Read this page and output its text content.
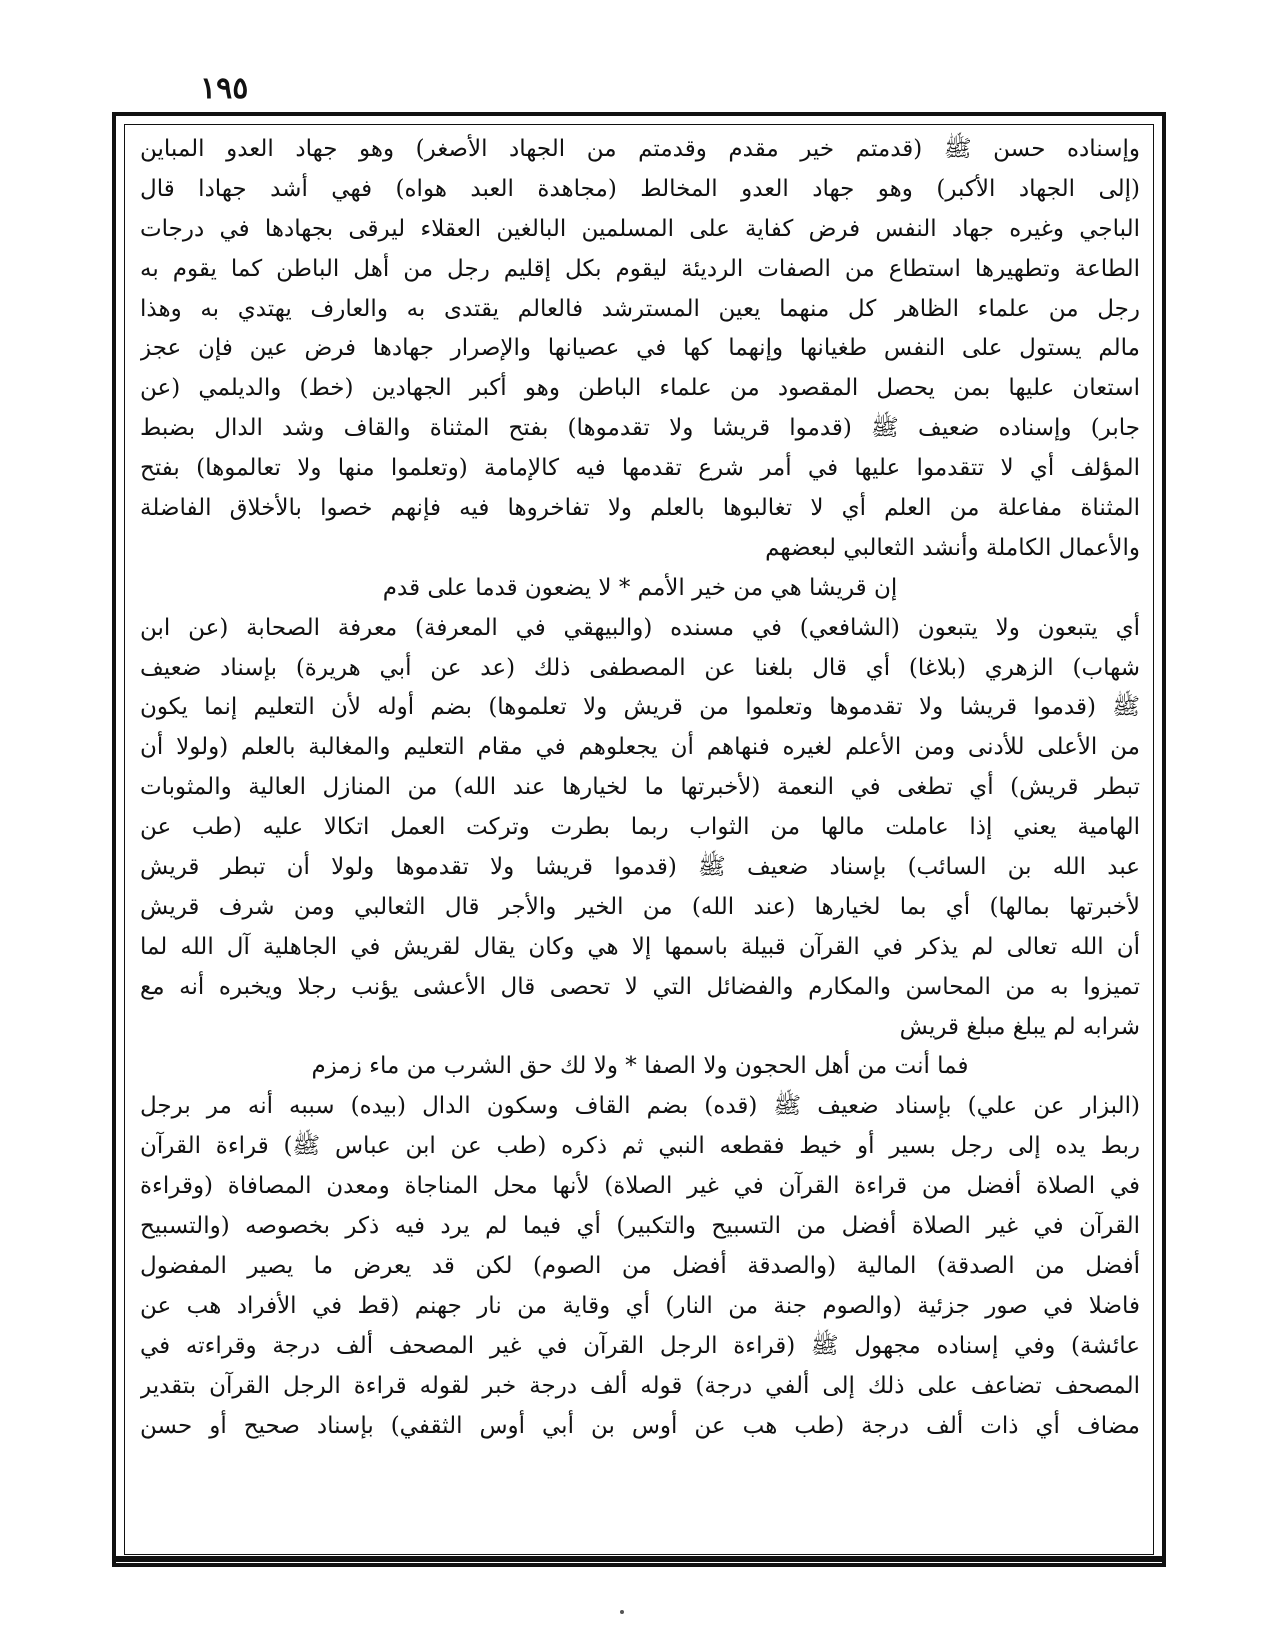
١٩٥
وإسناده حسن ﷺ (قدمتم خير مقدم وقدمتم من الجهاد الأصغر) وهو جهاد العدو المباين
(إلى الجهاد الأكبر) وهو جهاد العدو المخالط (مجاهدة العبد هواه) فهي أشد جهادا قال
الباجي وغيره جهاد النفس فرض كفاية على المسلمين البالغين العقلاء ليرقى بجهادها في درجات
الطاعة وتطهيرها استطاع من الصفات الرديئة ليقوم بكل إقليم رجل من أهل الباطن كما يقوم به
رجل من علماء الظاهر كل منهما يعين المسترشد فالعالم يقتدى به والعارف يهتدي به وهذا
مالم يستول على النفس طغيانها وإنهما كها في عصيانها والإصرار جهادها فرض عين فإن عجز
استعان عليها بمن يحصل المقصود من علماء الباطن وهو أكبر الجهادين (خط) والديلمي (عن
جابر) وإسناده ضعيف ﷺ (قدموا قريشا ولا تقدموها) بفتح المثناة والقاف وشد الدال بضبط
المؤلف أي لا تتقدموا عليها في أمر شرع تقدمها فيه كالإمامة (وتعلموا منها ولا تعالموها) بفتح
المثناة مفاعلة من العلم أي لا تغالبوها بالعلم ولا تفاخروها فيه فإنهم خصوا بالأخلاق الفاضلة
والأعمال الكاملة وأنشد الثعالبي لبعضهم
إن قريشا هي من خير الأمم * لا يضعون قدما على قدم
أي يتبعون ولا يتبعون (الشافعي) في مسنده (والبيهقي في المعرفة) معرفة الصحابة (عن ابن
شهاب) الزهري (بلاغا) أي قال بلغنا عن المصطفى ذلك (عد عن أبي هريرة) بإسناد ضعيف
ﷺ (قدموا قريشا ولا تقدموها وتعلموا من قريش ولا تعلموها) بضم أوله لأن التعليم إنما يكون
من الأعلى للأدنى ومن الأعلم لغيره فنهاهم أن يجعلوهم في مقام التعليم والمغالبة بالعلم (ولولا أن
تبطر قريش) أي تطغى في النعمة (لأخبرتها ما لخيارها عند الله) من المنازل العالية والمثوبات
الهامية يعني إذا عاملت مالها من الثواب ربما بطرت وتركت العمل اتكالا عليه (طب عن
عبد الله بن السائب) بإسناد ضعيف ﷺ (قدموا قريشا ولا تقدموها ولولا أن تبطر قريش
لأخبرتها بمالها) أي بما لخيارها (عند الله) من الخير والأجر قال الثعالبي ومن شرف قريش
أن الله تعالى لم يذكر في القرآن قبيلة باسمها إلا هي وكان يقال لقريش في الجاهلية آل الله لما
تميزوا به من المحاسن والمكارم والفضائل التي لا تحصى قال الأعشى يؤنب رجلا ويخبره أنه مع
شرابه لم يبلغ مبلغ قريش
فما أنت من أهل الحجون ولا الصفا * ولا لك حق الشرب من ماء زمزم
(البزار عن علي) بإسناد ضعيف ﷺ (قده) بضم القاف وسكون الدال (بيده) سببه أنه مر برجل
ربط يده إلى رجل بسير أو خيط فقطعه النبي ثم ذكره (طب عن ابن عباس ﷺ) قراءة القرآن
في الصلاة أفضل من قراءة القرآن في غير الصلاة) لأنها محل المناجاة ومعدن المصافاة (وقراءة
القرآن في غير الصلاة أفضل من التسبيح والتكبير) أي فيما لم يرد فيه ذكر بخصوصه (والتسبيح
أفضل من الصدقة) المالية (والصدقة أفضل من الصوم) لكن قد يعرض ما يصير المفضول
فاضلا في صور جزئية (والصوم جنة من النار) أي وقاية من نار جهنم (قط في الأفراد هب عن
عائشة) وفي إسناده مجهول ﷺ (قراءة الرجل القرآن في غير المصحف ألف درجة وقراءته في
المصحف تضاعف على ذلك إلى ألفي درجة) قوله ألف درجة خبر لقوله قراءة الرجل القرآن بتقدير
مضاف أي ذات ألف درجة (طب هب عن أوس بن أبي أوس الثقفي) بإسناد صحيح أو حسن
